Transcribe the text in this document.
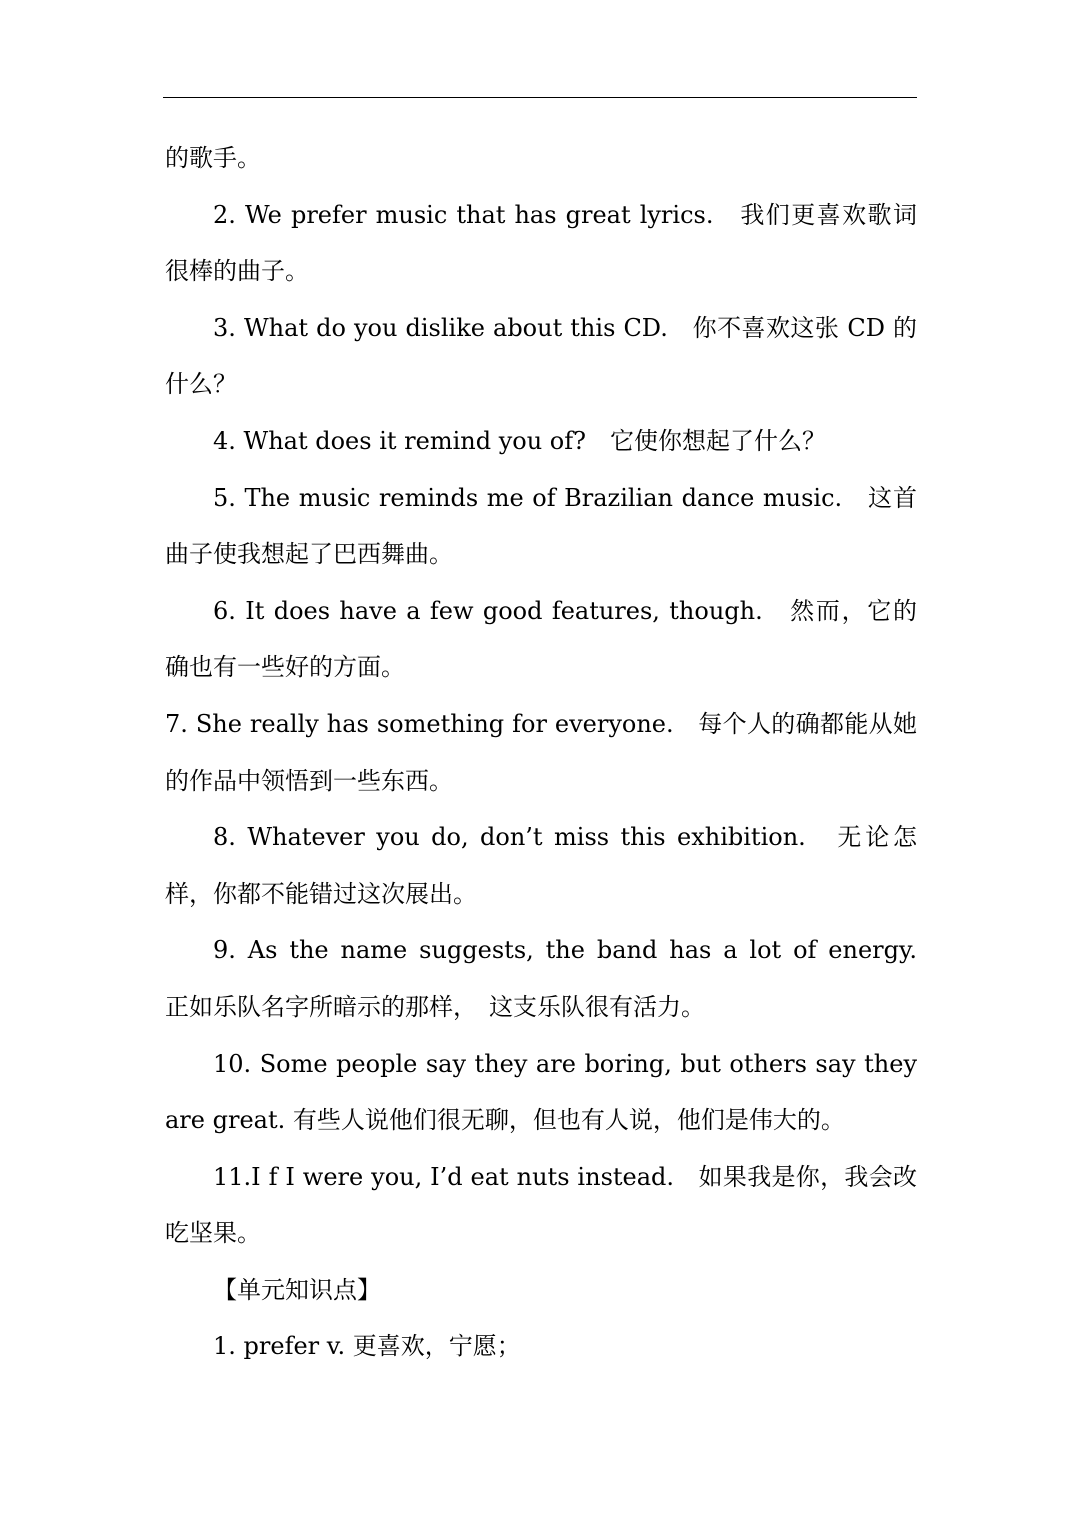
的歌手。

2. We prefer music that has great lyrics.　我们更喜欢歌词很棒的曲子。

3. What do you dislike about this CD.　你不喜欢这张 CD 的什么？

4. What does it remind you of?　它使你想起了什么？

5. The music reminds me of Brazilian dance music.　这首曲子使我想起了巴西舞曲。

6. It does have a few good features, though.　然而，它的确也有一些好的方面。

7. She really has something for everyone.　每个人的确都能从她的作品中领悟到一些东西。

8. Whatever you do, don’t miss this exhibition.　无论怎样，你都不能错过这次展出。

9. As the name suggests, the band has a lot of energy.　正如乐队名字所暗示的那样，　这支乐队很有活力。

10. Some people say they are boring, but others say they are great. 有些人说他们很无聊，但也有人说，他们是伟大的。

11.I f I were you, I’d eat nuts instead.　如果我是你，我会改吃坚果。

【单元知识点】

1. prefer v. 更喜欢，宁愿；
